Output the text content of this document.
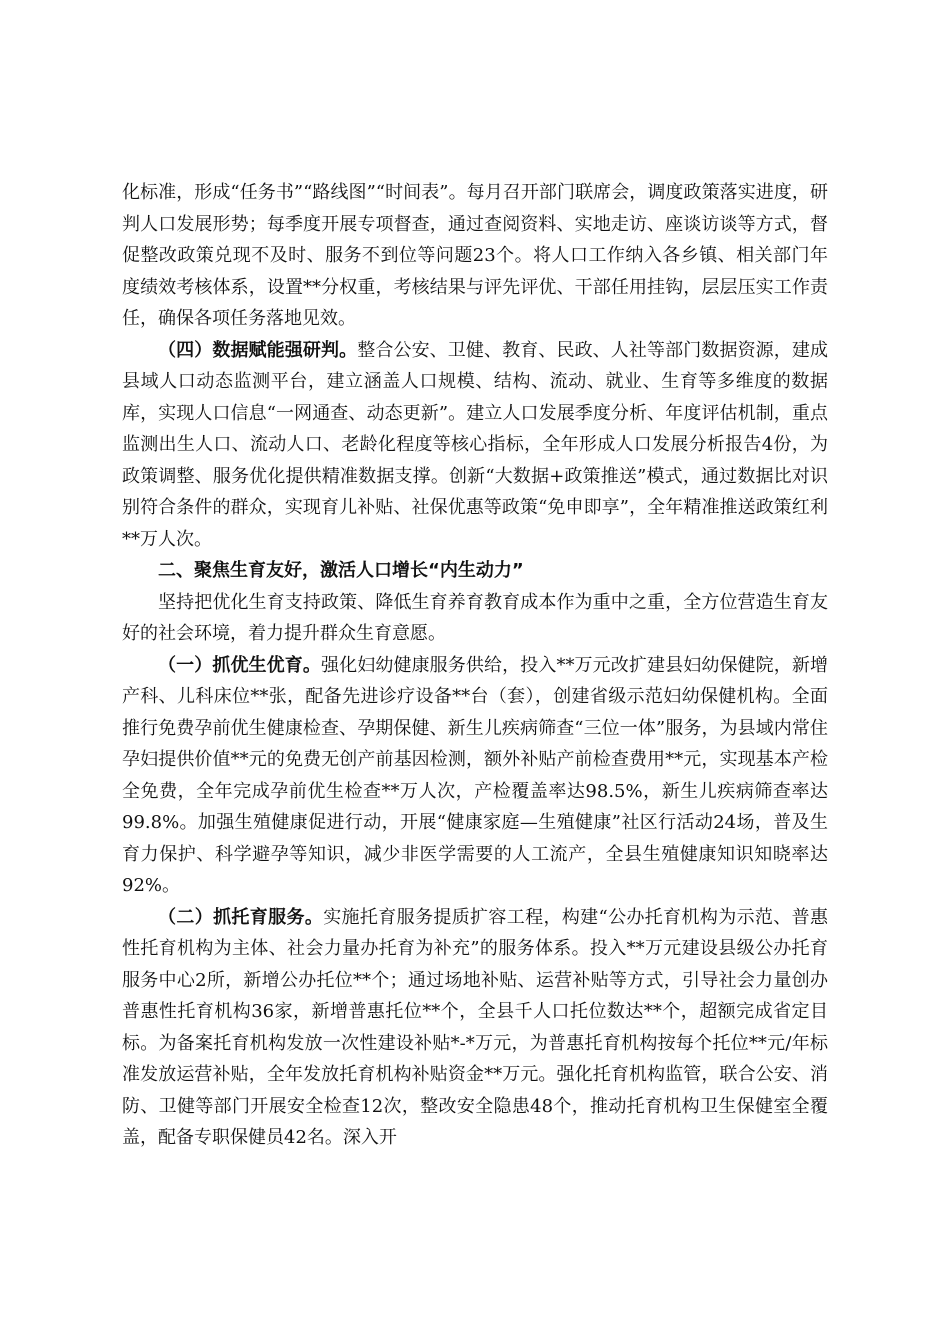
化标准，形成“任务书”“路线图”“时间表”。每月召开部门联席会，调度政策落实进度，研判人口发展形势；每季度开展专项督查，通过查阅资料、实地走访、座谈访谈等方式，督促整改政策兑现不及时、服务不到位等问题23个。将人口工作纳入各乡镇、相关部门年度绩效考核体系，设置**分权重，考核结果与评先评优、干部任用挂钩，层层压实工作责任，确保各项任务落地见效。

（四）数据赋能强研判。整合公安、卫健、教育、民政、人社等部门数据资源，建成县域人口动态监测平台，建立涵盖人口规模、结构、流动、就业、生育等多维度的数据库，实现人口信息“一网通查、动态更新”。建立人口发展季度分析、年度评估机制，重点监测出生人口、流动人口、老龄化程度等核心指标，全年形成人口发展分析报告4份，为政策调整、服务优化提供精准数据支撑。创新“大数据+政策推送”模式，通过数据比对识别符合条件的群众，实现育儿补贴、社保优惠等政策“免申即享”，全年精准推送政策红利**万人次。

二、聚焦生育友好，激活人口增长“内生动力”

坚持把优化生育支持政策、降低生育养育教育成本作为重中之重，全方位营造生育友好的社会环境，着力提升群众生育意愿。

（一）抓优生优育。强化妇幼健康服务供给，投入**万元改扩建县妇幼保健院，新增产科、儿科床位**张，配备先进诊疗设备**台（套），创建省级示范妇幼保健机构。全面推行免费孕前优生健康检查、孕期保健、新生儿疾病筛查“三位一体”服务，为县域内常住孕妇提供价值**元的免费无创产前基因检测，额外补贴产前检查费用**元，实现基本产检全免费，全年完成孕前优生检查**万人次，产检覆盖率达98.5%，新生儿疾病筛查率达99.8%。加强生殖健康促进行动，开展“健康家庭—生殖健康”社区行活动24场，普及生育力保护、科学避孕等知识，减少非医学需要的人工流产，全县生殖健康知识知晓率达92%。

（二）抓托育服务。实施托育服务提质扩容工程，构建“公办托育机构为示范、普惠性托育机构为主体、社会力量办托育为补充”的服务体系。投入**万元建设县级公办托育服务中心2所，新增公办托位**个；通过场地补贴、运营补贴等方式，引导社会力量创办普惠性托育机构36家，新增普惠托位**个，全县千人口托位数达**个，超额完成省定目标。为备案托育机构发放一次性建设补贴*-*万元，为普惠托育机构按每个托位**元/年标准发放运营补贴，全年发放托育机构补贴资金**万元。强化托育机构监管，联合公安、消防、卫健等部门开展安全检查12次，整改安全隐患48个，推动托育机构卫生保健室全覆盖，配备专职保健员42名。深入开
